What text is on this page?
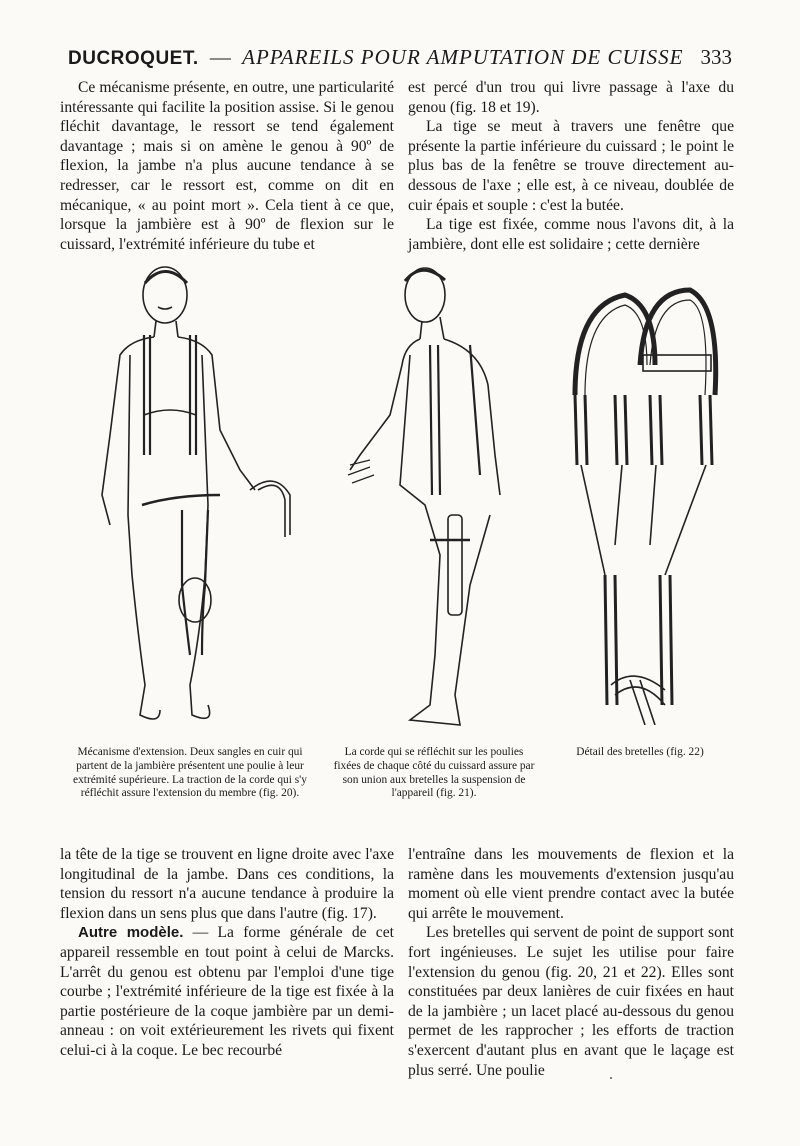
DUCROQUET. — APPAREILS POUR AMPUTATION DE CUISSE 333

Ce mécanisme présente, en outre, une particularité intéressante qui facilite la position assise. Si le genou fléchit davantage, le ressort se tend également davantage ; mais si on amène le genou à 90º de flexion, la jambe n'a plus aucune tendance à se redresser, car le ressort est, comme on dit en mécanique, « au point mort ». Cela tient à ce que, lorsque la jambière est à 90º de flexion sur le cuissard, l'extrémité inférieure du tube et

est percé d'un trou qui livre passage à l'axe du genou (fig. 18 et 19).

La tige se meut à travers une fenêtre que présente la partie inférieure du cuissard ; le point le plus bas de la fenêtre se trouve directement au-dessous de l'axe ; elle est, à ce niveau, doublée de cuir épais et souple : c'est la butée.

La tige est fixée, comme nous l'avons dit, à la jambière, dont elle est solidaire ; cette dernière

Mécanisme d'extension. Deux sangles en cuir qui partent de la jambière présentent une poulie à leur extrémité supérieure. La traction de la corde qui s'y réfléchit assure l'extension du membre (fig. 20).
La corde qui se réfléchit sur les poulies fixées de chaque côté du cuissard assure par son union aux bretelles la suspension de l'appareil (fig. 21).
Détail des bretelles (fig. 22)

la tête de la tige se trouvent en ligne droite avec l'axe longitudinal de la jambe. Dans ces conditions, la tension du ressort n'a aucune tendance à produire la flexion dans un sens plus que dans l'autre (fig. 17).

Autre modèle. — La forme générale de cet appareil ressemble en tout point à celui de Marcks. L'arrêt du genou est obtenu par l'emploi d'une tige courbe ; l'extrémité inférieure de la tige est fixée à la partie postérieure de la coque jambière par un demi-anneau : on voit extérieurement les rivets qui fixent celui-ci à la coque. Le bec recourbé

l'entraîne dans les mouvements de flexion et la ramène dans les mouvements d'extension jusqu'au moment où elle vient prendre contact avec la butée qui arrête le mouvement.

Les bretelles qui servent de point de support sont fort ingénieuses. Le sujet les utilise pour faire l'extension du genou (fig. 20, 21 et 22). Elles sont constituées par deux lanières de cuir fixées en haut de la jambière ; un lacet placé au-dessous du genou permet de les rapprocher ; les efforts de traction s'exercent d'autant plus en avant que le laçage est plus serré. Une poulie
